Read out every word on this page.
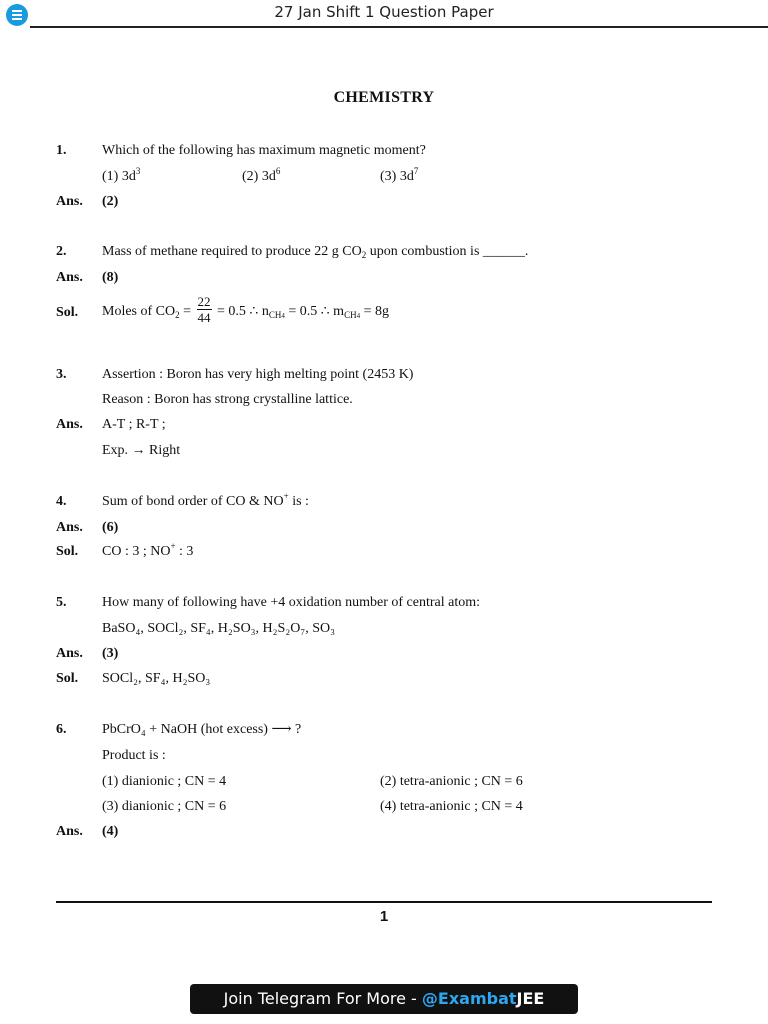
27 Jan Shift 1 Question Paper
CHEMISTRY
1.	Which of the following has maximum magnetic moment?
(1) $3d^3$	(2) $3d^6$	(3) $3d^7$
Ans. (2)
2.	Mass of methane required to produce 22 g $CO_2$ upon combustion is ______.
Ans. (8)
Sol. Moles of $CO_2 = \frac{22}{44} = 0.5$ ∴ $n_{CH4} = 0.5$ ∴ $m_{CH4} = 8g$
3.	Assertion : Boron has very high melting point (2453 K)
Reason : Boron has strong crystalline lattice.
Ans. A-T ; R-T ;
Exp. → Right
4.	Sum of bond order of CO & NO+ is :
Ans. (6)
Sol. CO : 3 ; NO+ : 3
5.	How many of following have +4 oxidation number of central atom:
BaSO₄, SOCl₂, SF₄, H₂SO₃, H₂S₂O₇, SO₃
Ans. (3)
Sol. SOCl₂, SF₄, H₂SO₃
6.	PbCrO₄ + NaOH (hot excess) ⟶ ?
Product is :
(1) dianionic ; CN = 4	(2) tetra-anionic ; CN = 6
(3) dianionic ; CN = 6	(4) tetra-anionic ; CN = 4
Ans. (4)
1
Join Telegram For More - @ExambatJEE
